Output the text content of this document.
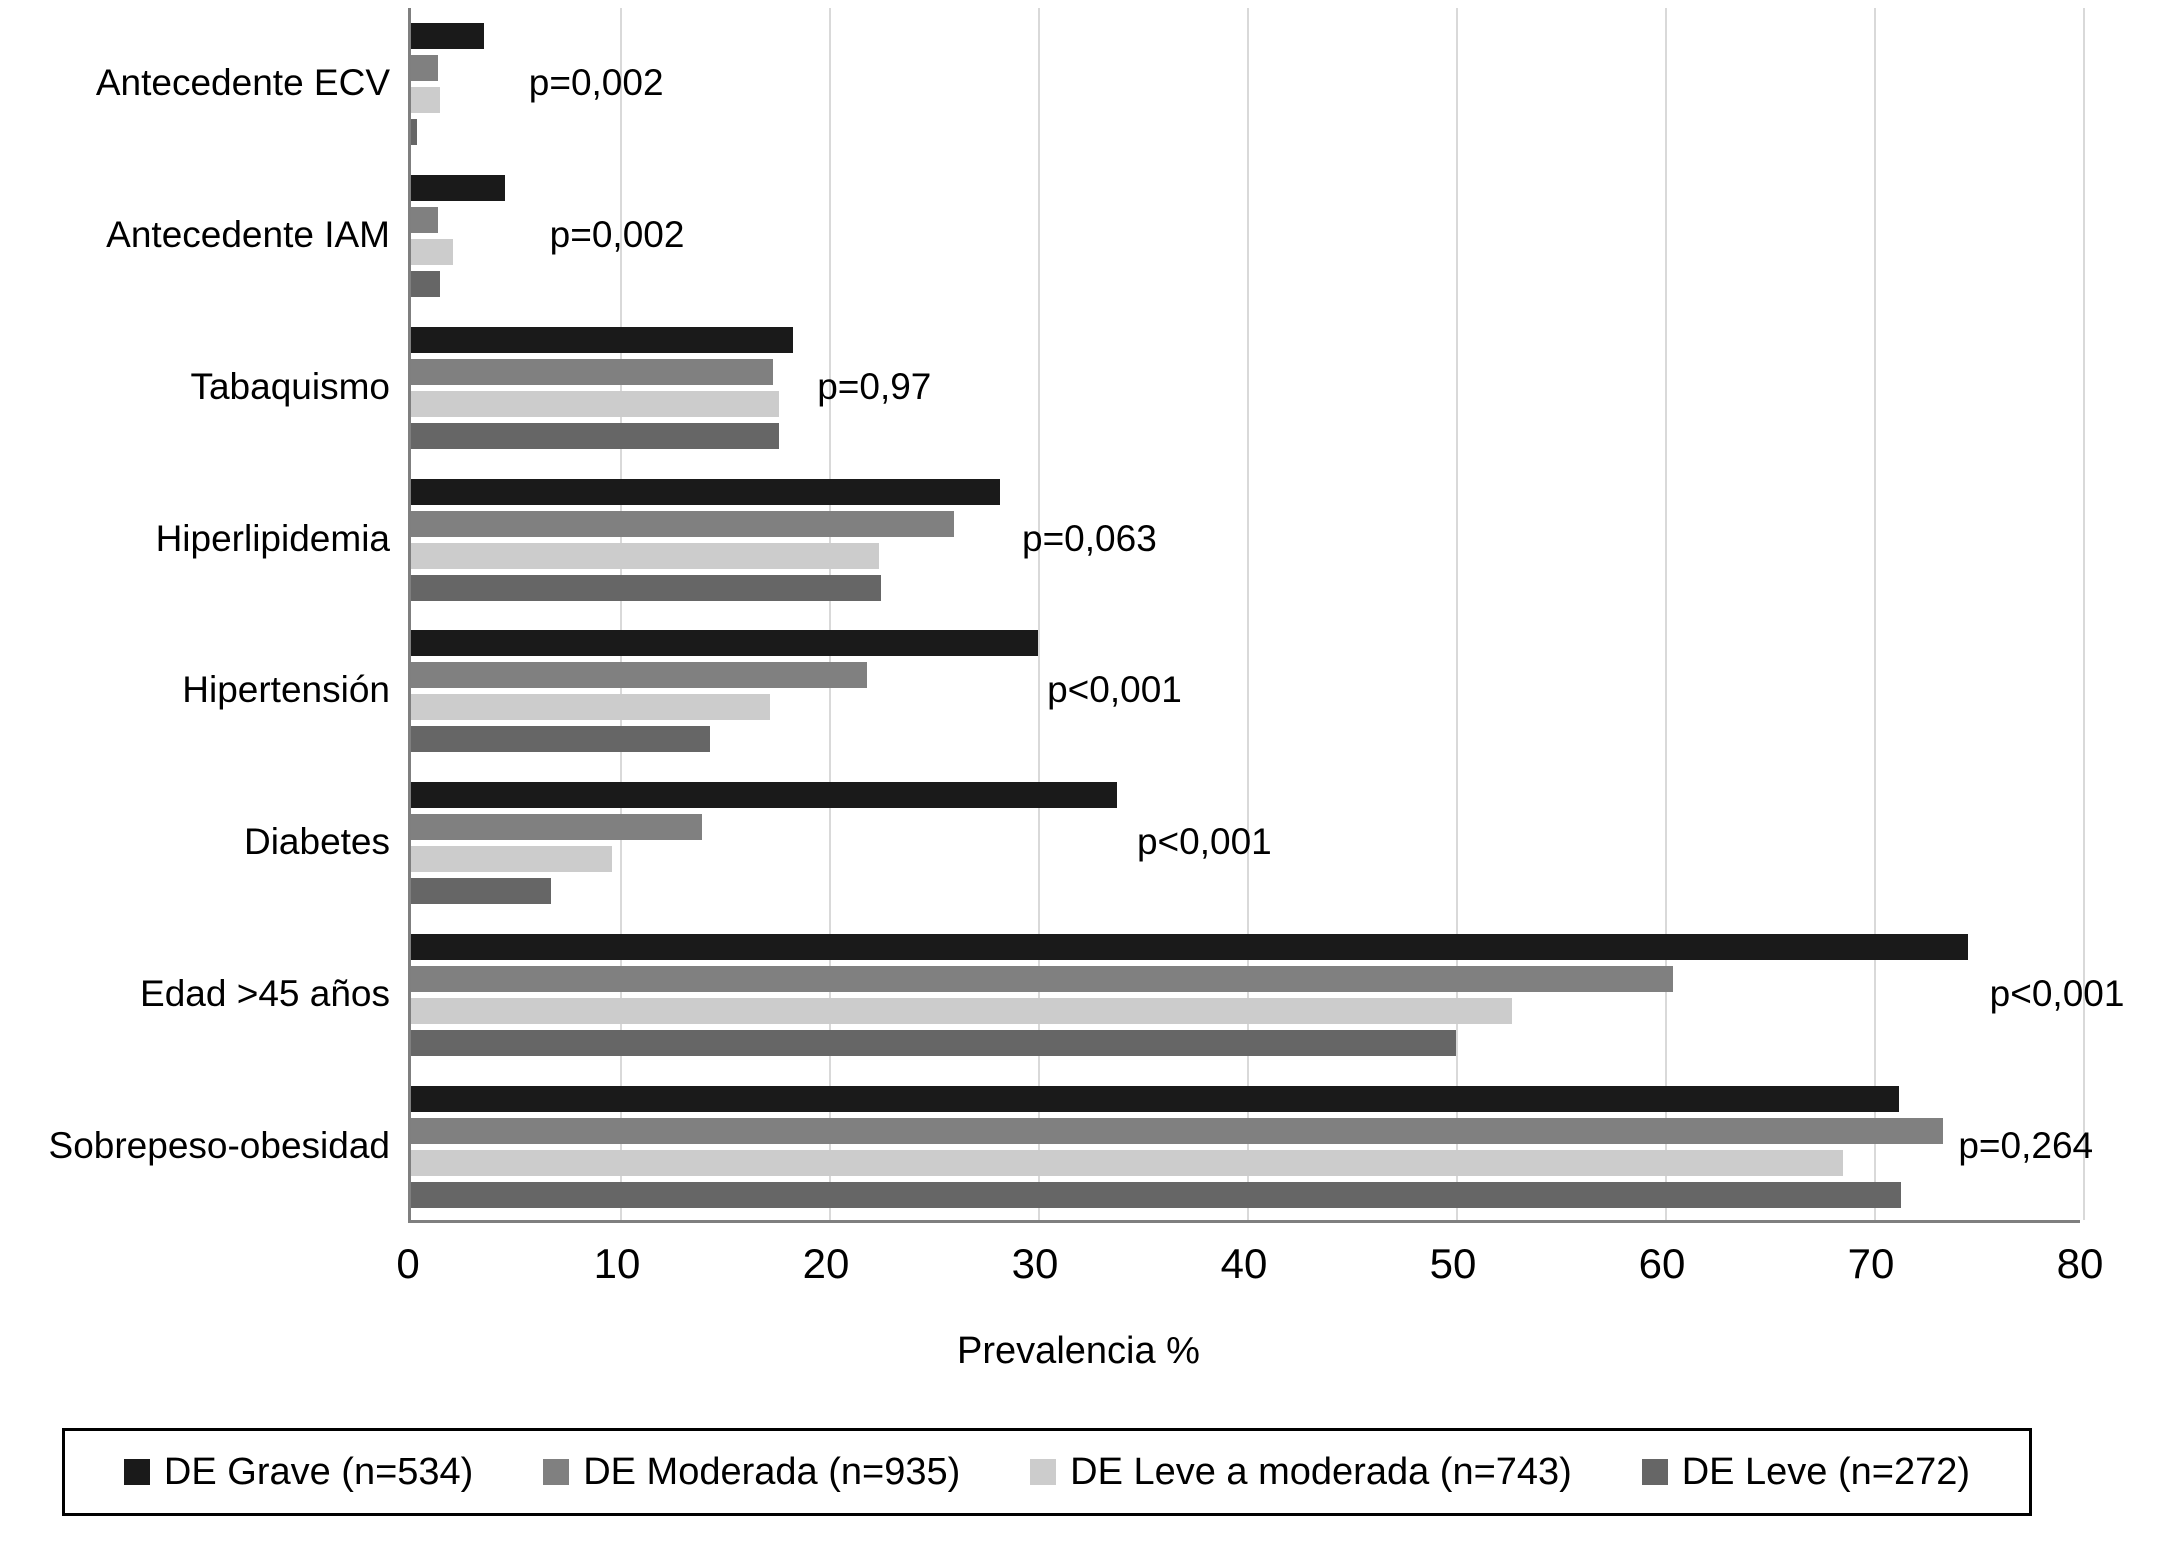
Antecedente ECV
Antecedente IAM
Tabaquismo
Hiperlipidemia
Hipertensión
Diabetes
Edad >45 años
Sobrepeso-obesidad
p=0,002
p=0,002
p=0,97
p=0,063
p<0,001
p<0,001
p<0,001
p=0,264
0	10	20	30	40	50	60	70	80
Prevalencia %
DE Grave (n=534)	DE Moderada (n=935)	DE Leve a moderada (n=743)	DE Leve (n=272)
